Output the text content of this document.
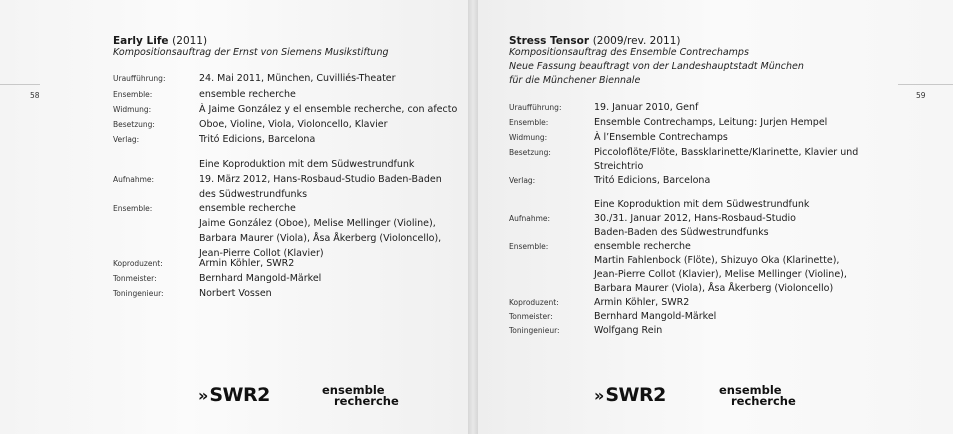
58
Early Life (2011)
Kompositionsauftrag der Ernst von Siemens Musikstiftung
Uraufführung:	24. Mai 2011, München, Cuvilliés-Theater
Ensemble:	ensemble recherche
Widmung:	À Jaime González y el ensemble recherche, con afecto
Besetzung:	Oboe, Violine, Viola, Violoncello, Klavier
Verlag:	Tritó Edicions, Barcelona
Eine Koproduktion mit dem Südwestrundfunk
Aufnahme:	19. März 2012, Hans-Rosbaud-Studio Baden-Baden
des Südwestrundfunks
Ensemble:	ensemble recherche
Jaime González (Oboe), Melise Mellinger (Violine),
Barbara Maurer (Viola), Åsa Åkerberg (Violoncello),
Jean-Pierre Collot (Klavier)
Koproduzent:	Armin Köhler, SWR2
Tonmeister:	Bernhard Mangold-Märkel
Toningenieur:	Norbert Vossen
» SWR2	ensemble
recherche
59
Stress Tensor (2009/rev. 2011)
Kompositionsauftrag des Ensemble Contrechamps
Neue Fassung beauftragt von der Landeshauptstadt München
für die Münchener Biennale
Uraufführung:	19. Januar 2010, Genf
Ensemble:	Ensemble Contrechamps, Leitung: Jurjen Hempel
Widmung:	À l’Ensemble Contrechamps
Besetzung:	Piccoloflöte/Flöte, Bassklarinette/Klarinette, Klavier und
Streichtrio
Verlag:	Tritó Edicions, Barcelona
Eine Koproduktion mit dem Südwestrundfunk
Aufnahme:	30./31. Januar 2012, Hans-Rosbaud-Studio
Baden-Baden des Südwestrundfunks
Ensemble:	ensemble recherche
Martin Fahlenbock (Flöte), Shizuyo Oka (Klarinette),
Jean-Pierre Collot (Klavier), Melise Mellinger (Violine),
Barbara Maurer (Viola), Åsa Åkerberg (Violoncello)
Koproduzent:	Armin Köhler, SWR2
Tonmeister:	Bernhard Mangold-Märkel
Toningenieur:	Wolfgang Rein
» SWR2	ensemble
recherche
